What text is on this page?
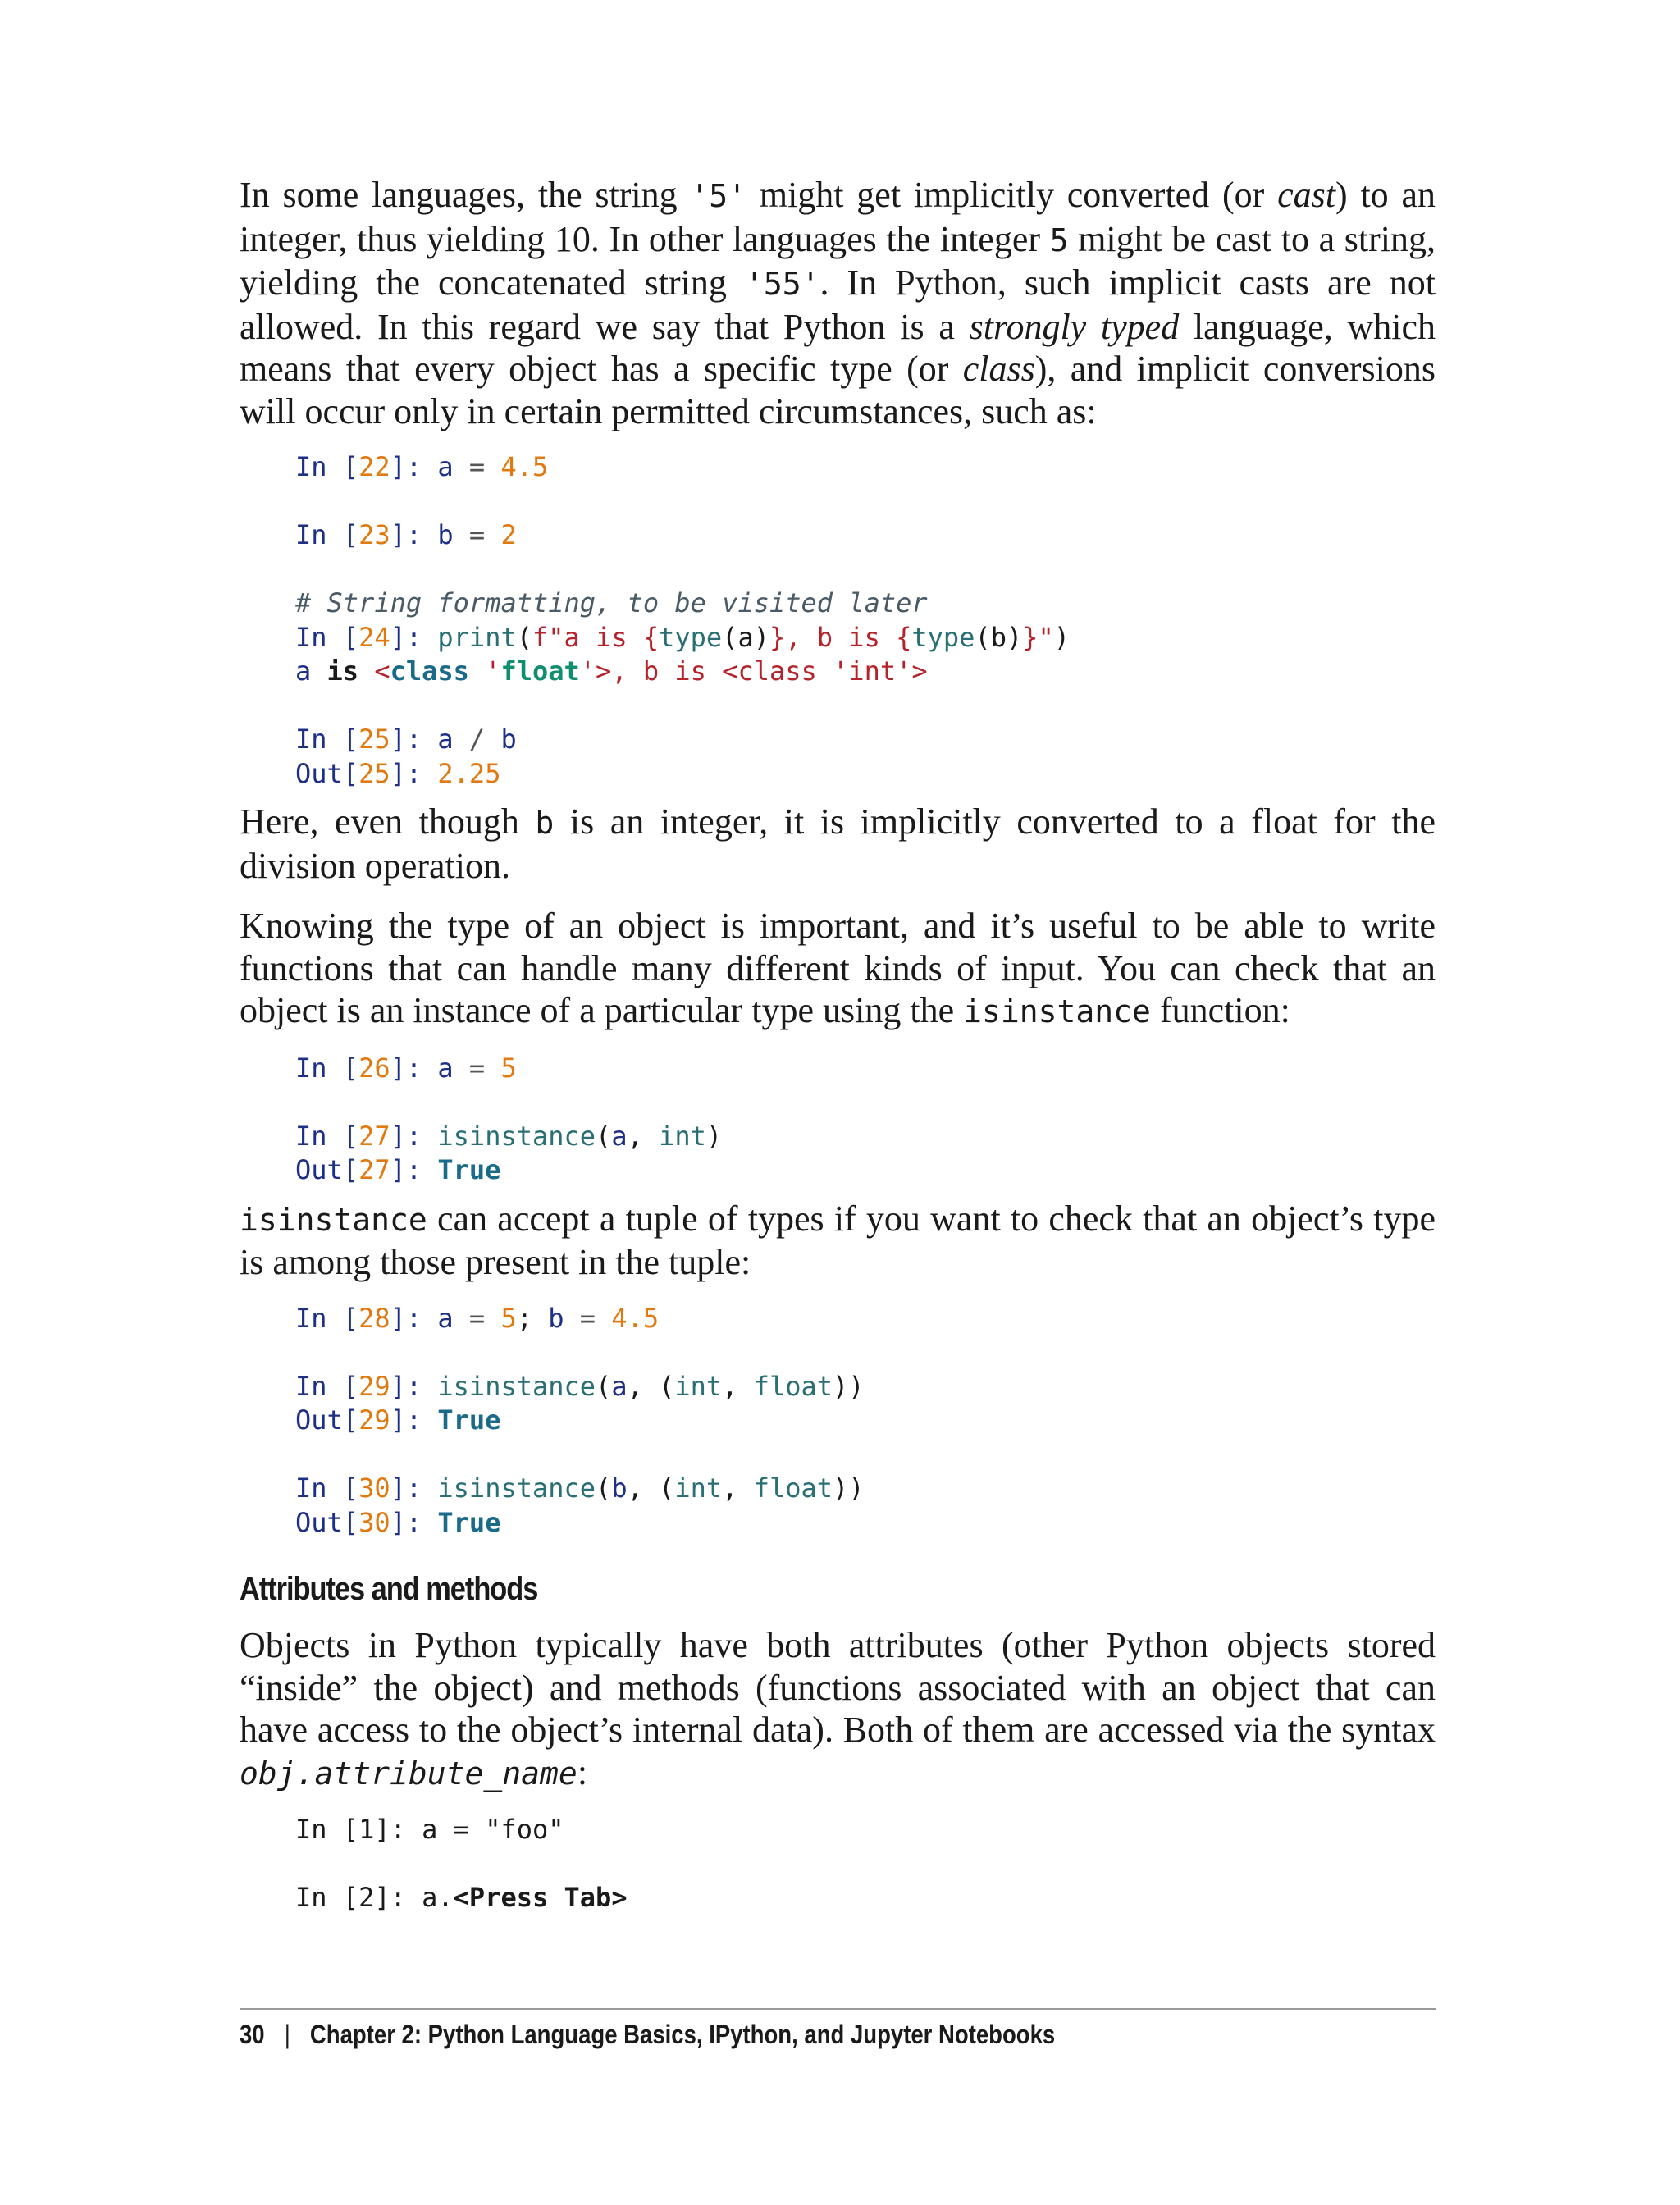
In some languages, the string '5' might get implicitly converted (or cast) to an integer, thus yielding 10. In other languages the integer 5 might be cast to a string, yielding the concatenated string '55'. In Python, such implicit casts are not allowed. In this regard we say that Python is a strongly typed language, which means that every object has a specific type (or class), and implicit conversions will occur only in certain permitted circumstances, such as:

In [22]: a = 4.5
In [23]: b = 2
# String formatting, to be visited later
In [24]: print(f"a is {type(a)}, b is {type(b)}")
a is <class 'float'>, b is <class 'int'>
In [25]: a / b
Out[25]: 2.25

Here, even though b is an integer, it is implicitly converted to a float for the division operation.

Knowing the type of an object is important, and it’s useful to be able to write functions that can handle many different kinds of input. You can check that an object is an instance of a particular type using the isinstance function:

In [26]: a = 5
In [27]: isinstance(a, int)
Out[27]: True

isinstance can accept a tuple of types if you want to check that an object’s type is among those present in the tuple:

In [28]: a = 5; b = 4.5
In [29]: isinstance(a, (int, float))
Out[29]: True
In [30]: isinstance(b, (int, float))
Out[30]: True
Attributes and methods

Objects in Python typically have both attributes (other Python objects stored “inside” the object) and methods (functions associated with an object that can have access to the object’s internal data). Both of them are accessed via the syntax obj.attribute_name:

In [1]: a = "foo"
In [2]: a.<Press Tab>
30 | Chapter 2: Python Language Basics, IPython, and Jupyter Notebooks
